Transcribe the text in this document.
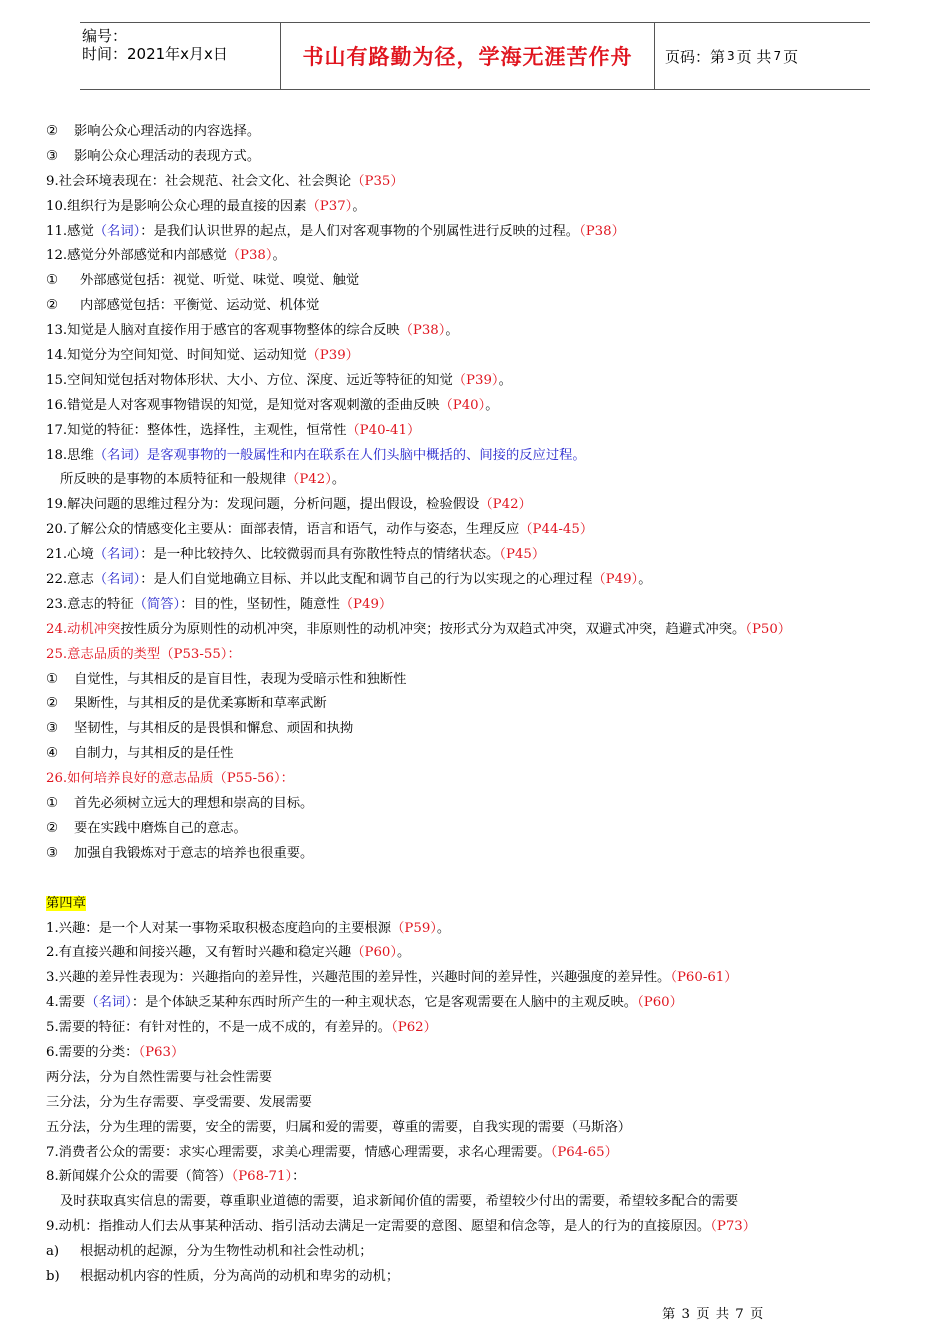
编号：
时间：2021年x月x日	书山有路勤为径，学海无涯苦作舟	页码：第 3 页 共 7 页
② 影响公众心理活动的内容选择。
③ 影响公众心理活动的表现方式。
9.社会环境表现在：社会规范、社会文化、社会舆论（P35）
10.组织行为是影响公众心理的最直接的因素（P37）。
11.感觉（名词）：是我们认识世界的起点，是人们对客观事物的个别属性进行反映的过程。（P38）
12.感觉分外部感觉和内部感觉（P38）。
① 外部感觉包括：视觉、听觉、味觉、嗅觉、触觉
② 内部感觉包括：平衡觉、运动觉、机体觉
13.知觉是人脑对直接作用于感官的客观事物整体的综合反映（P38）。
14.知觉分为空间知觉、时间知觉、运动知觉（P39）
15.空间知觉包括对物体形状、大小、方位、深度、远近等特征的知觉（P39）。
16.错觉是人对客观事物错误的知觉，是知觉对客观刺激的歪曲反映（P40）。
17.知觉的特征：整体性，选择性，主观性，恒常性（P40-41）
18.思维（名词）是客观事物的一般属性和内在联系在人们头脑中概括的、间接的反应过程。
所反映的是事物的本质特征和一般规律（P42）。
19.解决问题的思维过程分为：发现问题，分析问题，提出假设，检验假设（P42）
20.了解公众的情感变化主要从：面部表情，语言和语气，动作与姿态，生理反应（P44-45）
21.心境（名词）：是一种比较持久、比较微弱而具有弥散性特点的情绪状态。（P45）
22.意志（名词）：是人们自觉地确立目标、并以此支配和调节自己的行为以实现之的心理过程（P49）。
23.意志的特征（简答）：目的性，坚韧性，随意性（P49）
24.动机冲突按性质分为原则性的动机冲突，非原则性的动机冲突；按形式分为双趋式冲突，双避式冲突，趋避式冲突。（P50）
25.意志品质的类型（P53-55）：
① 自觉性，与其相反的是盲目性，表现为受暗示性和独断性
② 果断性，与其相反的是优柔寡断和草率武断
③ 坚韧性，与其相反的是畏惧和懈怠、顽固和执拗
④ 自制力，与其相反的是任性
26.如何培养良好的意志品质（P55-56）：
① 首先必须树立远大的理想和崇高的目标。
② 要在实践中磨炼自己的意志。
③ 加强自我锻炼对于意志的培养也很重要。
第四章
1.兴趣：是一个人对某一事物采取积极态度趋向的主要根源（P59）。
2.有直接兴趣和间接兴趣，又有暂时兴趣和稳定兴趣（P60）。
3.兴趣的差异性表现为：兴趣指向的差异性，兴趣范围的差异性，兴趣时间的差异性，兴趣强度的差异性。（P60-61）
4.需要（名词）：是个体缺乏某种东西时所产生的一种主观状态，它是客观需要在人脑中的主观反映。（P60）
5.需要的特征：有针对性的，不是一成不成的，有差异的。（P62）
6.需要的分类：（P63）
两分法，分为自然性需要与社会性需要
三分法，分为生存需要、享受需要、发展需要
五分法，分为生理的需要，安全的需要，归属和爱的需要，尊重的需要，自我实现的需要（马斯洛）
7.消费者公众的需要：求实心理需要，求美心理需要，情感心理需要，求名心理需要。（P64-65）
8.新闻媒介公众的需要（简答）（P68-71）：
及时获取真实信息的需要，尊重职业道德的需要，追求新闻价值的需要，希望较少付出的需要，希望较多配合的需要
9.动机：指推动人们去从事某种活动、指引活动去满足一定需要的意图、愿望和信念等，是人的行为的直接原因。（P73）
a) 根据动机的起源，分为生物性动机和社会性动机；
b) 根据动机内容的性质，分为高尚的动机和卑劣的动机；
第 3 页 共 7 页
